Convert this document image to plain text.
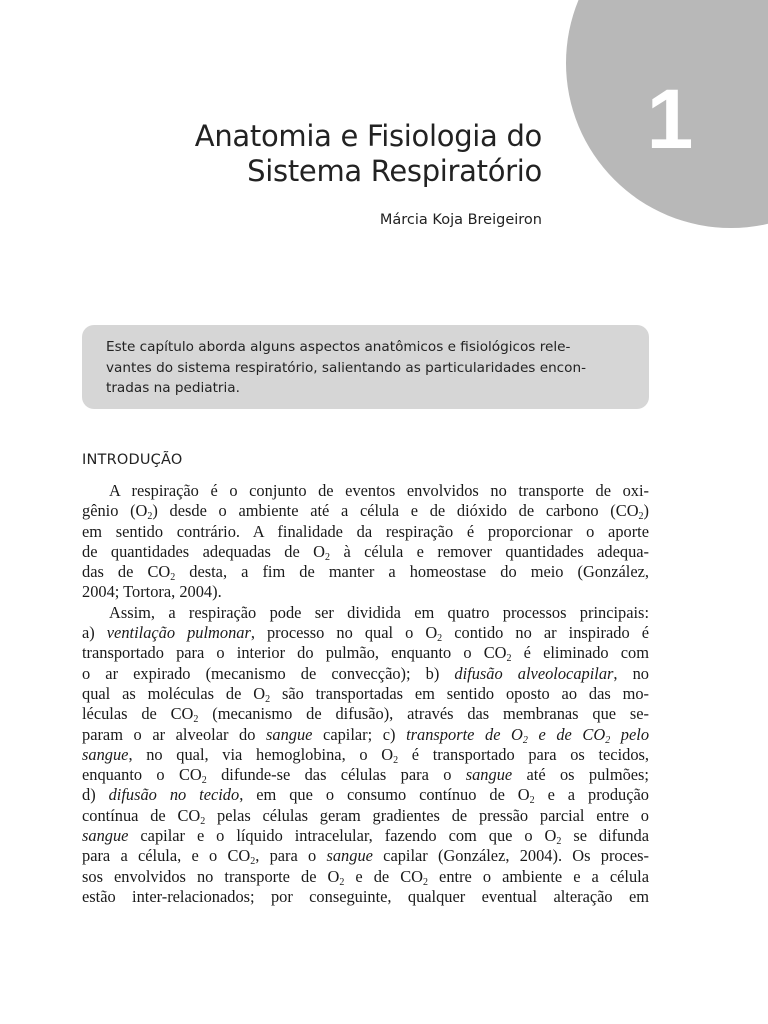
1
Anatomia e Fisiologia do
Sistema Respiratório
Márcia Koja Breigeiron
Este capítulo aborda alguns aspectos anatômicos e fisiológicos rele-
vantes do sistema respiratório, salientando as particularidades encon-
tradas na pediatria.
INTRODUÇÃO
A respiração é o conjunto de eventos envolvidos no transporte de oxi-
gênio $(O_2)$ desde o ambiente até a célula e de dióxido de carbono $(CO_2)$
em sentido contrário. A finalidade da respiração é proporcionar o aporte
de quantidades adequadas de $O_2$ à célula e remover quantidades adequa-
das de $CO_2$ desta, a fim de manter a homeostase do meio (González,
2004; Tortora, 2004).
Assim, a respiração pode ser dividida em quatro processos principais:
a) ventilação pulmonar, processo no qual o $O_2$ contido no ar inspirado é
transportado para o interior do pulmão, enquanto o $CO_2$ é eliminado com
o ar expirado (mecanismo de convecção); b) difusão alveolocapilar, no
qual as moléculas de $O_2$ são transportadas em sentido oposto ao das mo-
léculas de $CO_2$ (mecanismo de difusão), através das membranas que se-
param o ar alveolar do sangue capilar; c) transporte de $O_2$ e de $CO_2$ pelo
sangue, no qual, via hemoglobina, o $O_2$ é transportado para os tecidos,
enquanto o $CO_2$ difunde-se das células para o sangue até os pulmões;
d) difusão no tecido, em que o consumo contínuo de $O_2$ e a produção
contínua de $CO_2$ pelas células geram gradientes de pressão parcial entre o
sangue capilar e o líquido intracelular, fazendo com que o $O_2$ se difunda
para a célula, e o $CO_2$, para o sangue capilar (González, 2004). Os proces-
sos envolvidos no transporte de $O_2$ e de $CO_2$ entre o ambiente e a célula
estão inter-relacionados; por conseguinte, qualquer eventual alteração em
